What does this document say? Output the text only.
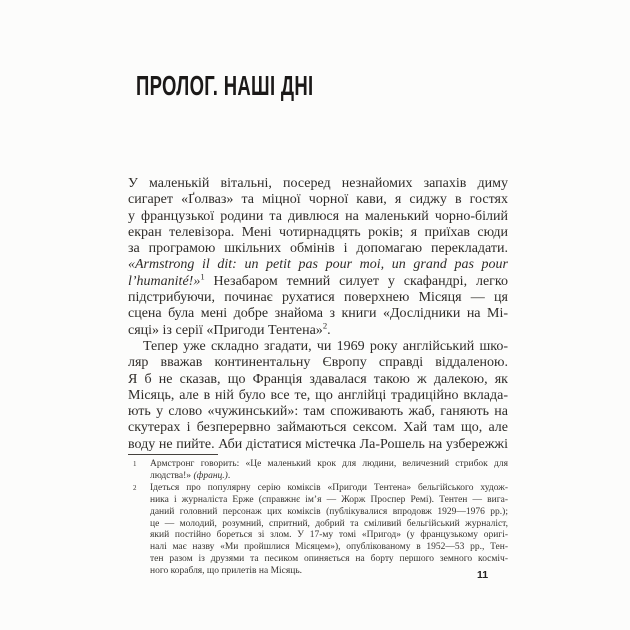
ПРОЛОГ. НАШІ ДНІ
У маленькій вітальні, посеред незнайомих запахів диму
сигарет «Ґолваз» та міцної чорної кави, я сиджу в гостях
у французької родини та дивлюся на маленький чорно-білий
екран телевізора. Мені чотирнадцять років; я приїхав сюди
за програмою шкільних обмінів і допомагаю перекладати.
«Armstrong il dit: un petit pas pour moi, un grand pas pour
l’humanité!»$^1$ Незабаром темний силует у скафандрі, легко
підстрибуючи, починає рухатися поверхнею Місяця — ця
сцена була мені добре знайома з книги «Дослідники на Мі-
сяці» із серії «Пригоди Тентена»$^2$.
Тепер уже складно згадати, чи 1969 року англійський шко-
ляр вважав континентальну Європу справді віддаленою.
Я б не сказав, що Франція здавалася такою ж далекою, як
Місяць, але в ній було все те, що англійці традиційно вклада-
ють у слово «чужинський»: там споживають жаб, ганяють на
скутерах і безперервно займаються сексом. Хай там що, але
воду не пийте. Аби дістатися містечка Ла-Рошель на узбережжі
1	Армстронг говорить: «Це маленький крок для людини, величезний стрибок для
людства!» (франц.).
2	Ідеться про популярну серію коміксів «Пригоди Тентена» бельгійського худож-
ника і журналіста Ерже (справжнє ім’я — Жорж Проспер Ремі). Тентен — вига-
даний головний персонаж цих коміксів (публікувалися впродовж 1929—1976 рр.);
це — молодий, розумний, спритний, добрий та сміливий бельгійський журналіст,
який постійно бореться зі злом. У 17-му томі «Пригод» (у французькому оригі-
налі має назву «Ми пройшлися Місяцем»), опублікованому в 1952—53 рр., Тен-
тен разом із друзями та песиком опиняється на борту першого земного косміч-
ного корабля, що прилетів на Місяць.	11
